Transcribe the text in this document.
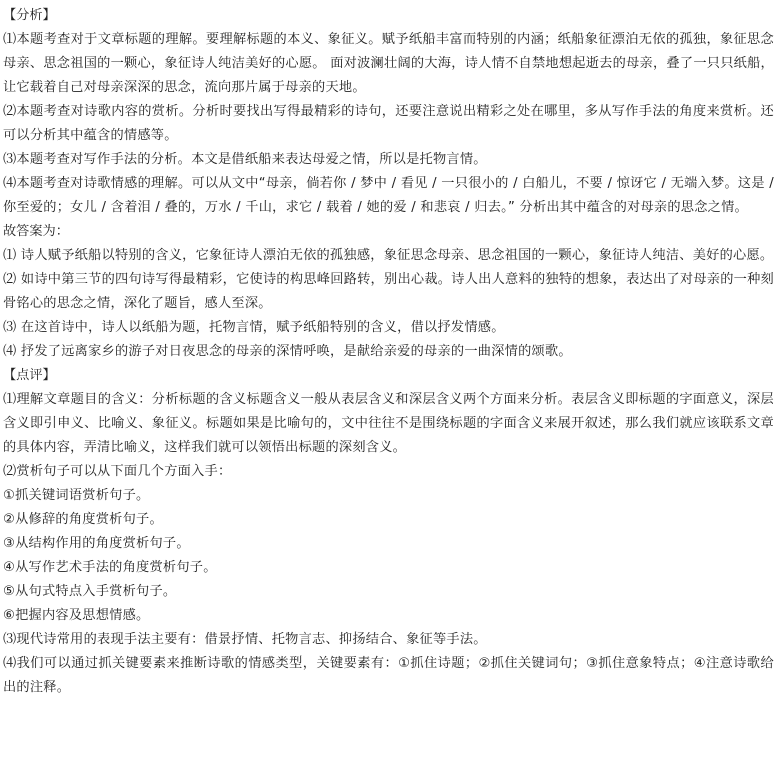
【分析】
⑴本题考查对于文章标题的理解。要理解标题的本义、象征义。赋予纸船丰富而特别的内涵；纸船象征漂泊无依的孤独，象征思念母亲、思念祖国的一颗心，象征诗人纯洁美好的心愿。 面对波澜壮阔的大海，诗人情不自禁地想起逝去的母亲，叠了一只只纸船，让它载着自己对母亲深深的思念，流向那片属于母亲的天地。
⑵本题考查对诗歌内容的赏析。分析时要找出写得最精彩的诗句，还要注意说出精彩之处在哪里，多从写作手法的角度来赏析。还可以分析其中蕴含的情感等。
⑶本题考查对写作手法的分析。本文是借纸船来表达母爱之情，所以是托物言情。
⑷本题考查对诗歌情感的理解。可以从文中“母亲，倘若你 / 梦中 / 看见 / 一只很小的 / 白船儿，不要 / 惊讶它 / 无端入梦。这是 / 你至爱的；女儿 / 含着泪 / 叠的，万水 / 千山，求它 / 载着 / 她的爱 / 和悲哀 / 归去。” 分析出其中蕴含的对母亲的思念之情。
故答案为：
⑴ 诗人赋予纸船以特别的含义，它象征诗人漂泊无依的孤独感，象征思念母亲、思念祖国的一颗心，象征诗人纯洁、美好的心愿。
⑵ 如诗中第三节的四句诗写得最精彩，它使诗的构思峰回路转，别出心裁。诗人出人意料的独特的想象，表达出了对母亲的一种刻骨铭心的思念之情，深化了题旨，感人至深。
⑶ 在这首诗中，诗人以纸船为题，托物言情，赋予纸船特别的含义，借以抒发情感。
⑷ 抒发了远离家乡的游子对日夜思念的母亲的深情呼唤，是献给亲爱的母亲的一曲深情的颂歌。
【点评】
⑴理解文章题目的含义：分析标题的含义标题含义一般从表层含义和深层含义两个方面来分析。表层含义即标题的字面意义，深层含义即引申义、比喻义、象征义。标题如果是比喻句的，文中往往不是围绕标题的字面含义来展开叙述，那么我们就应该联系文章的具体内容，弄清比喻义，这样我们就可以领悟出标题的深刻含义。
⑵赏析句子可以从下面几个方面入手：
①抓关键词语赏析句子。
②从修辞的角度赏析句子。
③从结构作用的角度赏析句子。
④从写作艺术手法的角度赏析句子。
⑤从句式特点入手赏析句子。
⑥把握内容及思想情感。
⑶现代诗常用的表现手法主要有：借景抒情、托物言志、抑扬结合、象征等手法。
⑷我们可以通过抓关键要素来推断诗歌的情感类型，关键要素有：①抓住诗题；②抓住关键词句；③抓住意象特点；④注意诗歌给出的注释。
